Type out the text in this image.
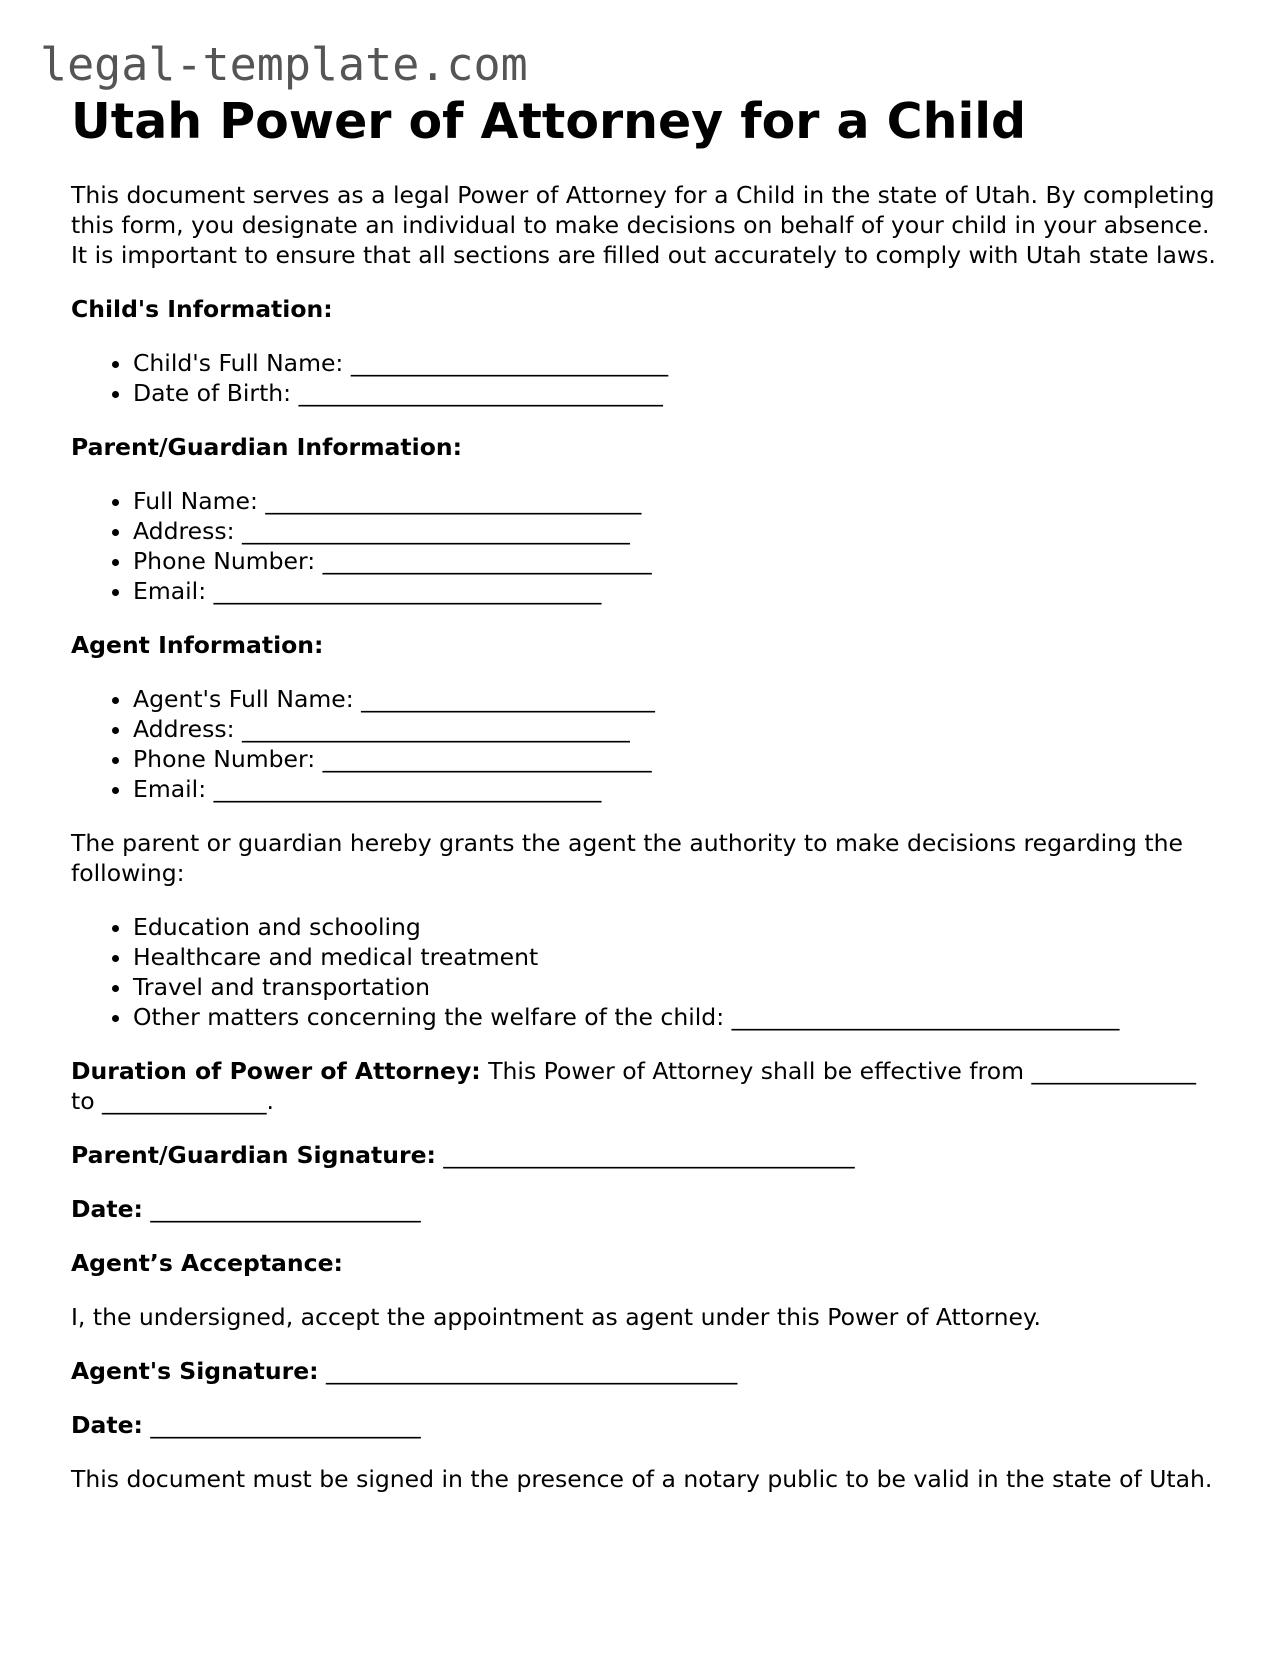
legal-template.com
Utah Power of Attorney for a Child

This document serves as a legal Power of Attorney for a Child in the state of Utah. By completing this form, you designate an individual to make decisions on behalf of your child in your absence. It is important to ensure that all sections are filled out accurately to comply with Utah state laws.

Child's Information:

• Child's Full Name: ___________________________
• Date of Birth: _______________________________

Parent/Guardian Information:

• Full Name: ________________________________
• Address: _________________________________
• Phone Number: ____________________________
• Email: _________________________________

Agent Information:

• Agent's Full Name: _________________________
• Address: _________________________________
• Phone Number: ____________________________
• Email: _________________________________

The parent or guardian hereby grants the agent the authority to make decisions regarding the following:

• Education and schooling
• Healthcare and medical treatment
• Travel and transportation
• Other matters concerning the welfare of the child: _________________________________

Duration of Power of Attorney: This Power of Attorney shall be effective from ______________ to ______________.

Parent/Guardian Signature: ___________________________________

Date: _______________________

Agent’s Acceptance:

I, the undersigned, accept the appointment as agent under this Power of Attorney.

Agent's Signature: ___________________________________

Date: _______________________

This document must be signed in the presence of a notary public to be valid in the state of Utah.
